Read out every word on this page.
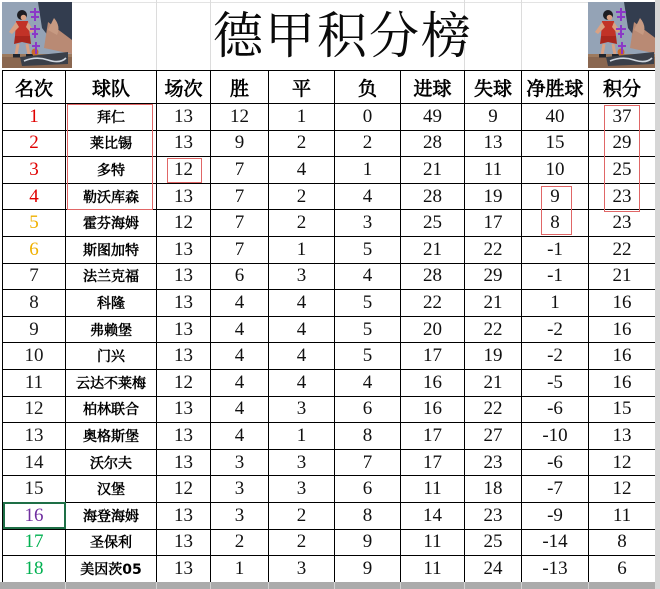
德甲积分榜
名次	球队	场次	胜	平	负	进球	失球	净胜球	积分
1	拜仁	13	12	1	0	49	9	40	37
2	莱比锡	13	9	2	2	28	13	15	29
3	多特	12	7	4	1	21	11	10	25
4	勒沃库森	13	7	2	4	28	19	9	23
5	霍芬海姆	12	7	2	3	25	17	8	23
6	斯图加特	13	7	1	5	21	22	-1	22
7	法兰克福	13	6	3	4	28	29	-1	21
8	科隆	13	4	4	5	22	21	1	16
9	弗赖堡	13	4	4	5	20	22	-2	16
10	门兴	13	4	4	5	17	19	-2	16
11	云达不莱梅	12	4	4	4	16	21	-5	16
12	柏林联合	13	4	3	6	16	22	-6	15
13	奥格斯堡	13	4	1	8	17	27	-10	13
14	沃尔夫	13	3	3	7	17	23	-6	12
15	汉堡	12	3	3	6	11	18	-7	12
16	海登海姆	13	3	2	8	14	23	-9	11
17	圣保利	13	2	2	9	11	25	-14	8
18	美因茨05	13	1	3	9	11	24	-13	6
